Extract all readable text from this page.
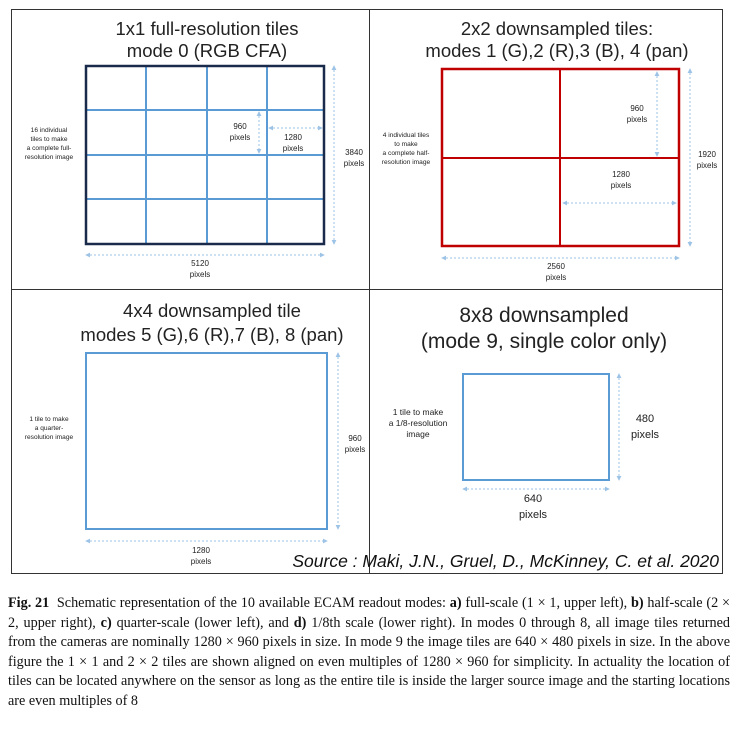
1x1 full-resolution tiles
mode 0 (RGB CFA)
16 individual
tiles to make
a complete full-
resolution image
960
pixels	1280
pixels	3840
pixels
5120
pixels
2x2 downsampled tiles:
modes 1 (G),2 (R),3 (B), 4 (pan)
4 individual tiles
to make
a complete half-
resolution image
960
pixels
1280
pixels
1920
pixels
2560
pixels
4x4 downsampled tile
modes 5 (G),6 (R),7 (B), 8 (pan)
1 tile to make
a quarter-
resolution image	960
pixels
1280
pixels
8x8 downsampled
(mode 9, single color only)
1 tile to make
a 1/8-resolution
image
480
pixels
640
pixels
Source : Maki, J.N., Gruel, D., McKinney, C. et al. 2020
Fig. 21 Schematic representation of the 10 available ECAM readout modes: a) full-scale (1 × 1, upper left), b) half-scale (2 × 2, upper right), c) quarter-scale (lower left), and d) 1/8th scale (lower right). In modes 0 through 8, all image tiles returned from the cameras are nominally 1280 × 960 pixels in size. In mode 9 the image tiles are 640 × 480 pixels in size. In the above figure the 1 × 1 and 2 × 2 tiles are shown aligned on even multiples of 1280 × 960 for simplicity. In actuality the location of tiles can be located anywhere on the sensor as long as the entire tile is inside the larger source image and the starting locations are even multiples of 8
